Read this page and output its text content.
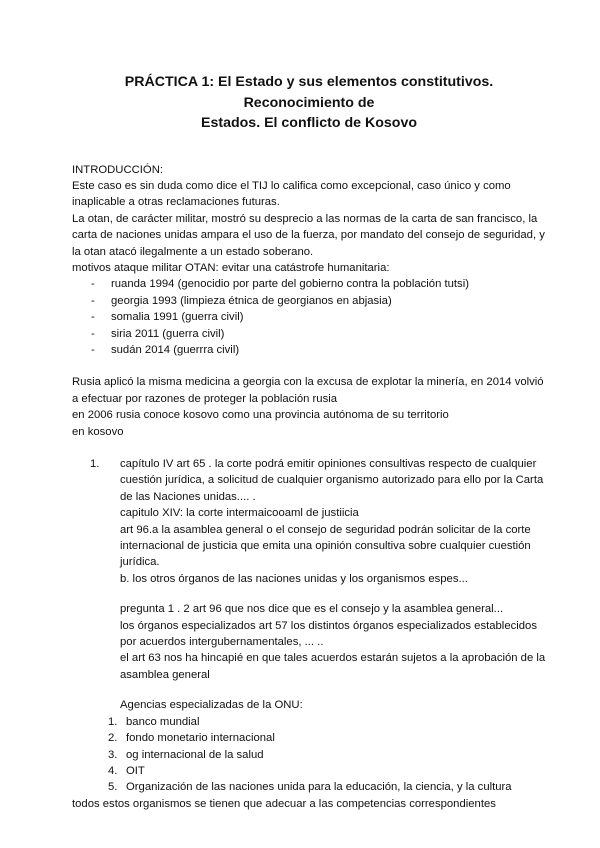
PRÁCTICA 1: El Estado y sus elementos constitutivos.
Reconocimiento de
Estados. El conflicto de Kosovo

INTRODUCCIÓN:

Este caso es sin duda como dice el TIJ lo califica como excepcional, caso único y como inaplicable a otras reclamaciones futuras.

La otan, de carácter militar, mostró su desprecio a las normas de la carta de san francisco, la carta de naciones unidas ampara el uso de la fuerza, por mandato del consejo de seguridad, y la otan atacó ilegalmente a un estado soberano.

motivos ataque militar OTAN: evitar una catástrofe humanitaria:

- ruanda 1994 (genocidio por parte del gobierno contra la población tutsi)
- georgia 1993 (limpieza étnica de georgianos en abjasia)
- somalia 1991 (guerra civil)
- siria 2011 (guerra civil)
- sudán 2014 (guerrra civil)

Rusia aplicó la misma medicina a georgia con la excusa de explotar la minería, en 2014 volvió a efectuar por razones de proteger la población rusia

en 2006 rusia conoce kosovo como una provincia autónoma de su territorio

en kosovo

1. capítulo IV art 65 . la corte podrá emitir opiniones consultivas respecto de cualquier cuestión jurídica, a solicitud de cualquier organismo autorizado para ello por la Carta de las Naciones unidas.... .

capitulo XIV: la corte intermaicooaml de justiicia

art 96.a la asamblea general o el consejo de seguridad podrán solicitar de la corte internacional de justicia que emita una opinión consultiva sobre cualquier cuestión jurídica.

b. los otros órganos de las naciones unidas y los organismos espes...

pregunta 1 . 2 art 96 que nos dice que es el consejo y la asamblea general...

los órganos especializados art 57 los distintos órganos especializados establecidos por acuerdos intergubernamentales, ... ..

el art 63 nos ha hincapié en que tales acuerdos estarán sujetos a la aprobación de la asamblea general

Agencias especializadas de la ONU:

1. banco mundial
2. fondo monetario internacional
3. og internacional de la salud
4. OIT
5. Organización de las naciones unida para la educación, la ciencia, y la cultura

todos estos organismos se tienen que adecuar a las competencias correspondientes
